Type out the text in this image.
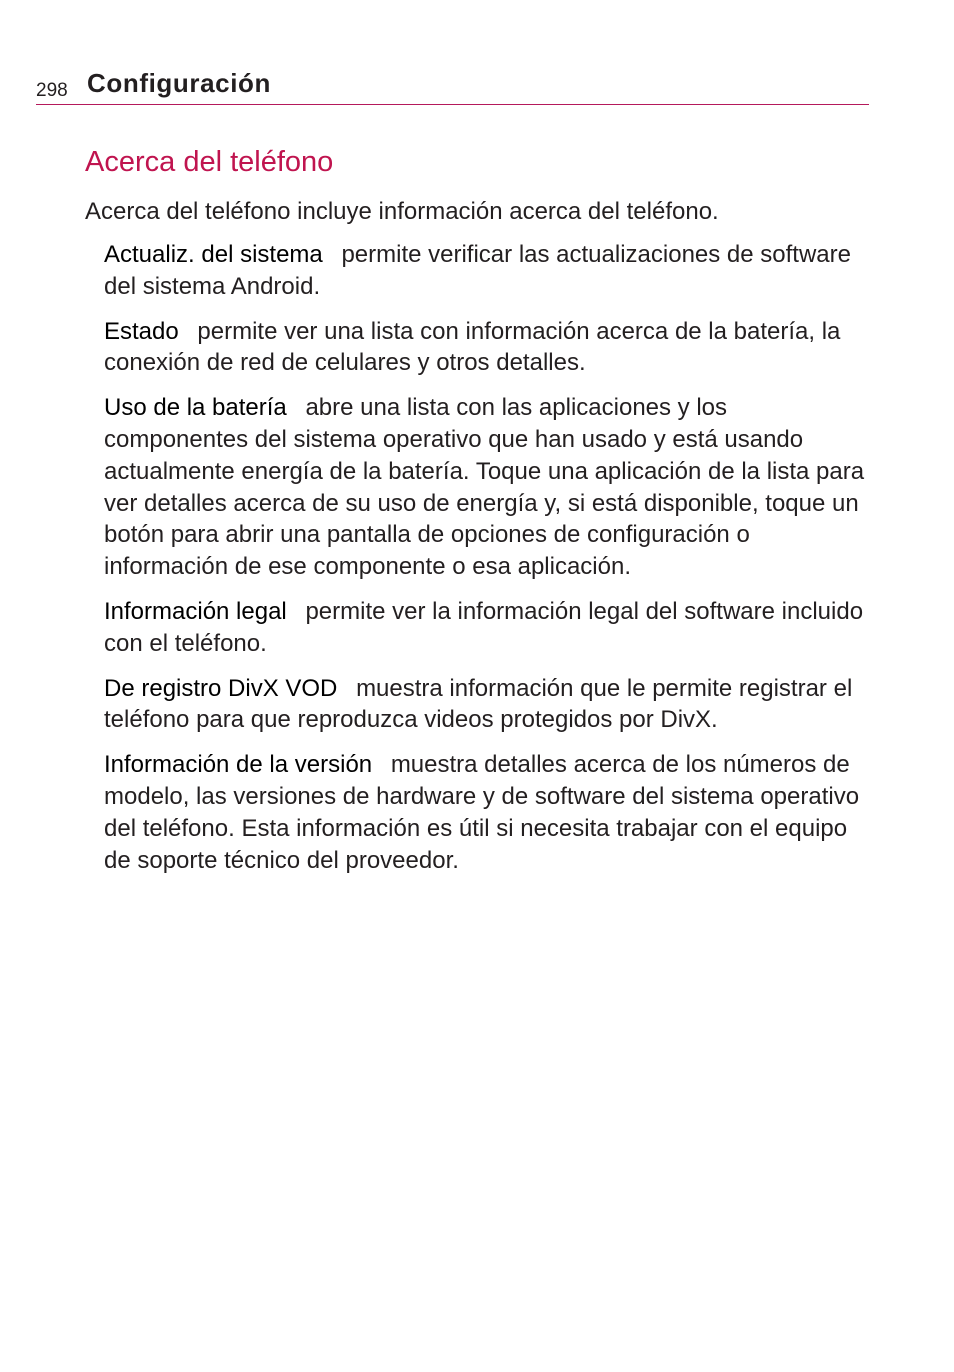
298 Configuración
Acerca del teléfono
Acerca del teléfono incluye información acerca del teléfono.

Actualiz. del sistema permite verificar las actualizaciones de software del sistema Android.

Estado permite ver una lista con información acerca de la batería, la conexión de red de celulares y otros detalles.

Uso de la batería abre una lista con las aplicaciones y los componentes del sistema operativo que han usado y está usando actualmente energía de la batería. Toque una aplicación de la lista para ver detalles acerca de su uso de energía y, si está disponible, toque un botón para abrir una pantalla de opciones de configuración o información de ese componente o esa aplicación.

Información legal permite ver la información legal del software incluido con el teléfono.

De registro DivX VOD muestra información que le permite registrar el teléfono para que reproduzca videos protegidos por DivX.

Información de la versión muestra detalles acerca de los números de modelo, las versiones de hardware y de software del sistema operativo del teléfono. Esta información es útil si necesita trabajar con el equipo de soporte técnico del proveedor.
